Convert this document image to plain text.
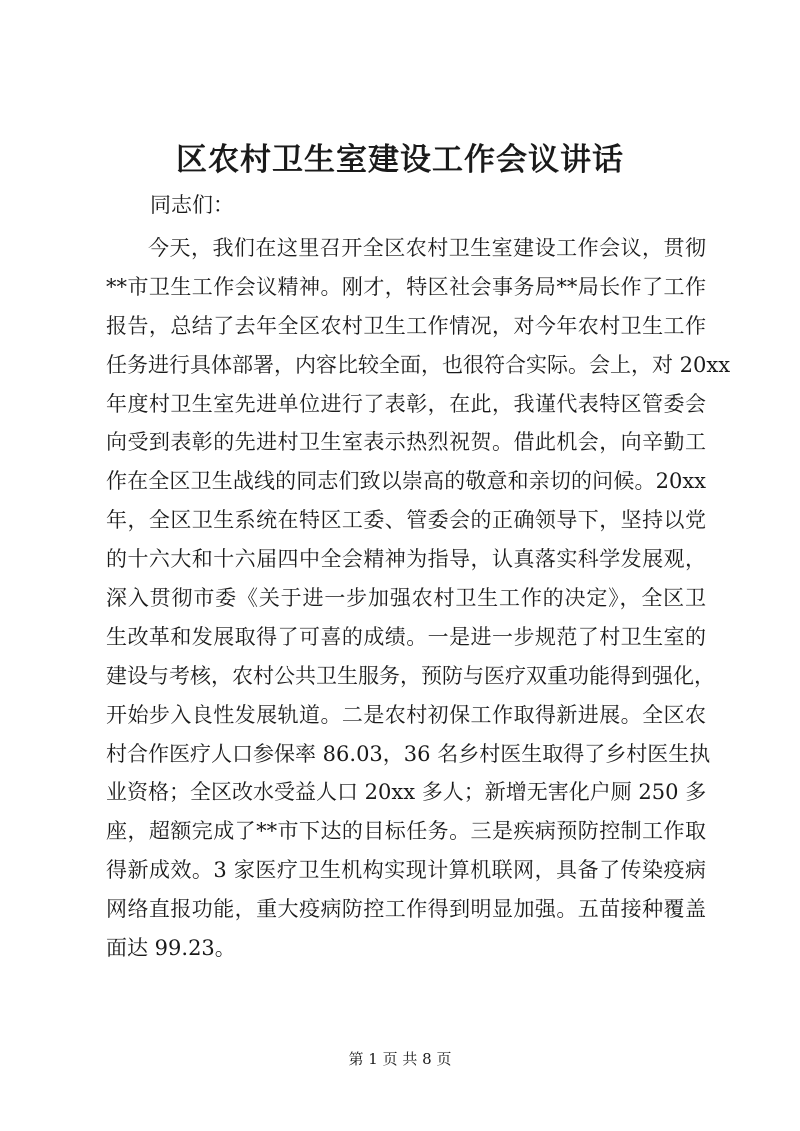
区农村卫生室建设工作会议讲话

同志们：

今天，我们在这里召开全区农村卫生室建设工作会议，贯彻
**市卫生工作会议精神。刚才，特区社会事务局**局长作了工作
报告，总结了去年全区农村卫生工作情况，对今年农村卫生工作
任务进行具体部署，内容比较全面，也很符合实际。会上，对 20xx
年度村卫生室先进单位进行了表彰，在此，我谨代表特区管委会
向受到表彰的先进村卫生室表示热烈祝贺。借此机会，向辛勤工
作在全区卫生战线的同志们致以崇高的敬意和亲切的问候。20xx
年，全区卫生系统在特区工委、管委会的正确领导下，坚持以党
的十六大和十六届四中全会精神为指导，认真落实科学发展观，
深入贯彻市委《关于进一步加强农村卫生工作的决定》，全区卫
生改革和发展取得了可喜的成绩。一是进一步规范了村卫生室的
建设与考核，农村公共卫生服务，预防与医疗双重功能得到强化，
开始步入良性发展轨道。二是农村初保工作取得新进展。全区农
村合作医疗人口参保率 86.03，36 名乡村医生取得了乡村医生执
业资格；全区改水受益人口 20xx 多人；新增无害化户厕 250 多
座，超额完成了**市下达的目标任务。三是疾病预防控制工作取
得新成效。3 家医疗卫生机构实现计算机联网，具备了传染疫病
网络直报功能，重大疫病防控工作得到明显加强。五苗接种覆盖
面达 99.23。

第 1 页 共 8 页
